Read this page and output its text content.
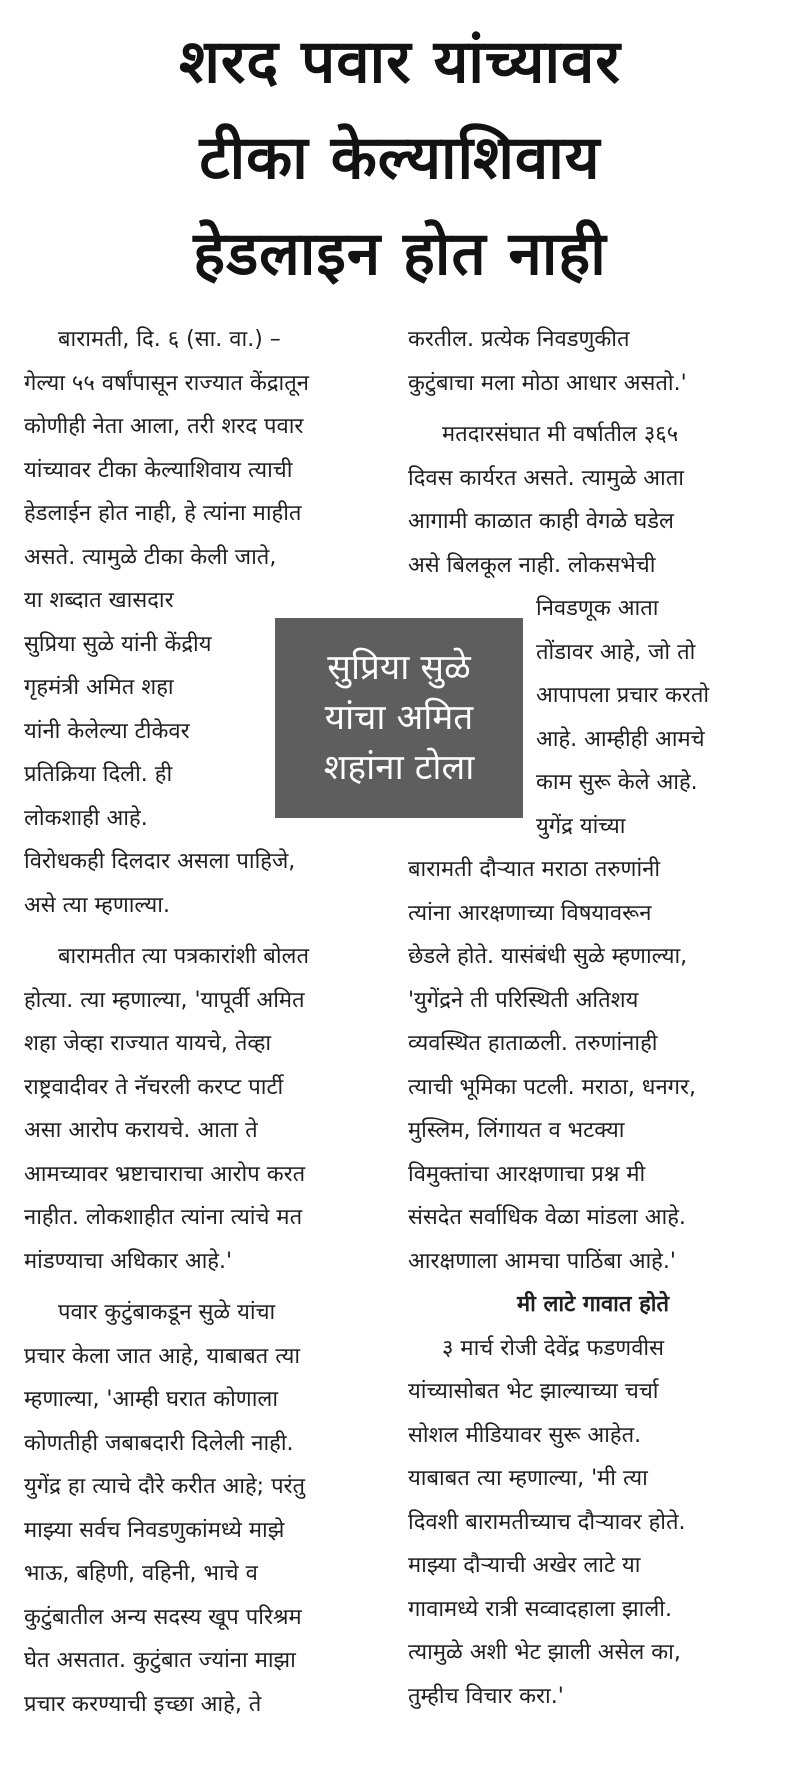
शरद पवार यांच्यावर
टीका केल्याशिवाय
हेडलाइन होत नाही
बारामती, दि. ६ (सा. वा.) –
गेल्या ५५ वर्षांपासून राज्यात केंद्रातून
कोणीही नेता आला, तरी शरद पवार
यांच्यावर टीका केल्याशिवाय त्याची
हेडलाईन होत नाही, हे त्यांना माहीत
असते. त्यामुळे टीका केली जाते,
या शब्दात खासदार
सुप्रिया सुळे यांनी केंद्रीय
गृहमंत्री अमित शहा
यांनी केलेल्या टीकेवर
प्रतिक्रिया दिली. ही
लोकशाही आहे.
विरोधकही दिलदार असला पाहिजे,
असे त्या म्हणाल्या.
बारामतीत त्या पत्रकारांशी बोलत
होत्या. त्या म्हणाल्या, 'यापूर्वी अमित
शहा जेव्हा राज्यात यायचे, तेव्हा
राष्ट्रवादीवर ते नॅचरली करप्ट पार्टी
असा आरोप करायचे. आता ते
आमच्यावर भ्रष्टाचाराचा आरोप करत
नाहीत. लोकशाहीत त्यांना त्यांचे मत
मांडण्याचा अधिकार आहे.'
पवार कुटुंबाकडून सुळे यांचा
प्रचार केला जात आहे, याबाबत त्या
म्हणाल्या, 'आम्ही घरात कोणाला
कोणतीही जबाबदारी दिलेली नाही.
युगेंद्र हा त्याचे दौरे करीत आहे; परंतु
माझ्या सर्वच निवडणुकांमध्ये माझे
भाऊ, बहिणी, वहिनी, भाचे व
कुटुंबातील अन्य सदस्य खूप परिश्रम
घेत असतात. कुटुंबात ज्यांना माझा
प्रचार करण्याची इच्छा आहे, ते
करतील. प्रत्येक निवडणुकीत
कुटुंबाचा मला मोठा आधार असतो.'
मतदारसंघात मी वर्षातील ३६५
दिवस कार्यरत असते. त्यामुळे आता
आगामी काळात काही वेगळे घडेल
असे बिलकूल नाही. लोकसभेची
निवडणूक आता
तोंडावर आहे, जो तो
आपापला प्रचार करतो
आहे. आम्हीही आमचे
काम सुरू केले आहे.
युगेंद्र यांच्या
बारामती दौऱ्यात मराठा तरुणांनी
त्यांना आरक्षणाच्या विषयावरून
छेडले होते. यासंबंधी सुळे म्हणाल्या,
'युगेंद्रने ती परिस्थिती अतिशय
व्यवस्थित हाताळली. तरुणांनाही
त्याची भूमिका पटली. मराठा, धनगर,
मुस्लिम, लिंगायत व भटक्या
विमुक्तांचा आरक्षणाचा प्रश्न मी
संसदेत सर्वाधिक वेळा मांडला आहे.
आरक्षणाला आमचा पाठिंबा आहे.'
मी लाटे गावात होते
३ मार्च रोजी देवेंद्र फडणवीस
यांच्यासोबत भेट झाल्याच्या चर्चा
सोशल मीडियावर सुरू आहेत.
याबाबत त्या म्हणाल्या, 'मी त्या
दिवशी बारामतीच्याच दौऱ्यावर होते.
माझ्या दौऱ्याची अखेर लाटे या
गावामध्ये रात्री सव्वादहाला झाली.
त्यामुळे अशी भेट झाली असेल का,
तुम्हीच विचार करा.'
सुप्रिया सुळे
यांचा अमित
शहांना टोला
